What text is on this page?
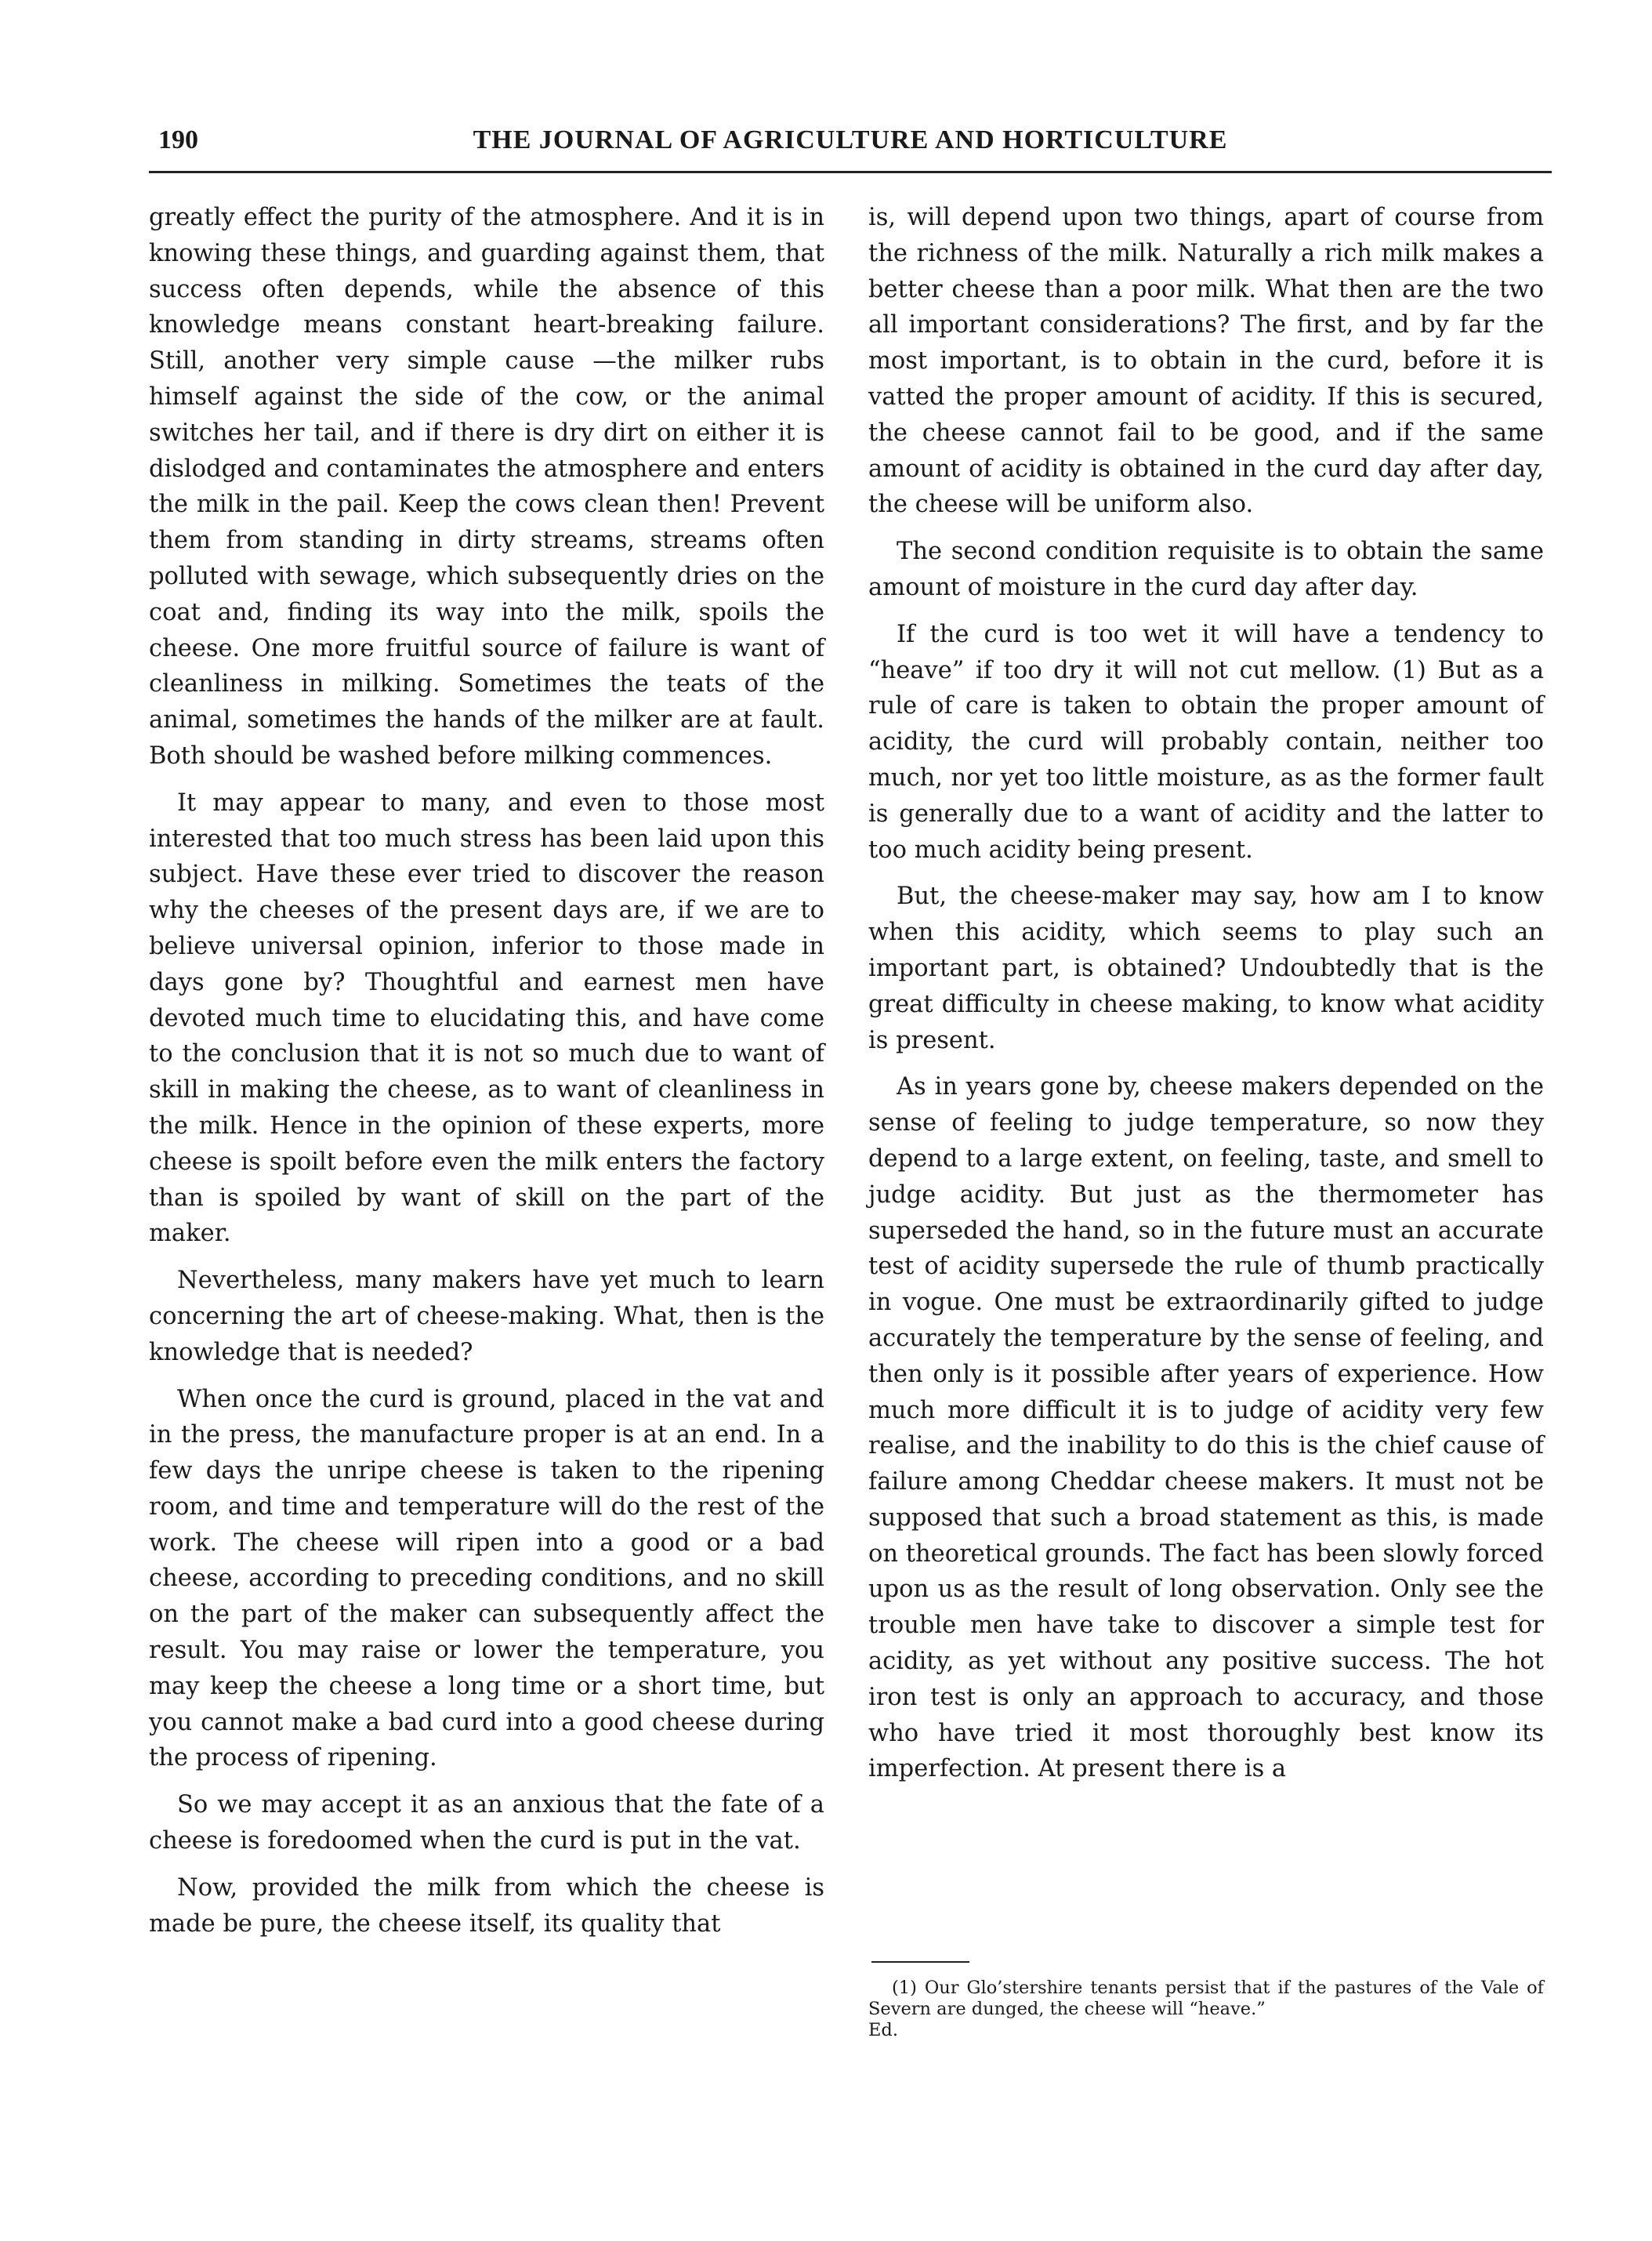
190	THE JOURNAL OF AGRICULTURE AND HORTICULTURE

greatly effect the purity of the atmosphere. And it is in knowing these things, and guarding against them, that success often depends, while the absence of this knowledge means constant heart-breaking failure. Still, another very simple cause —the milker rubs himself against the side of the cow, or the animal switches her tail, and if there is dry dirt on either it is dislodged and contaminates the atmosphere and enters the milk in the pail. Keep the cows clean then! Prevent them from standing in dirty streams, streams often polluted with sewage, which subsequently dries on the coat and, finding its way into the milk, spoils the cheese. One more fruitful source of failure is want of cleanliness in milking. Sometimes the teats of the animal, sometimes the hands of the milker are at fault. Both should be washed before milking commences.

It may appear to many, and even to those most interested that too much stress has been laid upon this subject. Have these ever tried to discover the reason why the cheeses of the present days are, if we are to believe universal opinion, inferior to those made in days gone by? Thoughtful and earnest men have devoted much time to elucidating this, and have come to the conclusion that it is not so much due to want of skill in making the cheese, as to want of cleanliness in the milk. Hence in the opinion of these experts, more cheese is spoilt before even the milk enters the factory than is spoiled by want of skill on the part of the maker.

Nevertheless, many makers have yet much to learn concerning the art of cheese-making. What, then is the knowledge that is needed?

When once the curd is ground, placed in the vat and in the press, the manufacture proper is at an end. In a few days the unripe cheese is taken to the ripening room, and time and temperature will do the rest of the work. The cheese will ripen into a good or a bad cheese, according to preceding conditions, and no skill on the part of the maker can subsequently affect the result. You may raise or lower the temperature, you may keep the cheese a long time or a short time, but you cannot make a bad curd into a good cheese during the process of ripening.

So we may accept it as an anxious that the fate of a cheese is foredoomed when the curd is put in the vat.

Now, provided the milk from which the cheese is made be pure, the cheese itself, its quality that

is, will depend upon two things, apart of course from the richness of the milk. Naturally a rich milk makes a better cheese than a poor milk. What then are the two all important considerations? The first, and by far the most important, is to obtain in the curd, before it is vatted the proper amount of acidity. If this is secured, the cheese cannot fail to be good, and if the same amount of acidity is obtained in the curd day after day, the cheese will be uniform also.

The second condition requisite is to obtain the same amount of moisture in the curd day after day.

If the curd is too wet it will have a tendency to “heave” if too dry it will not cut mellow. (1) But as a rule of care is taken to obtain the proper amount of acidity, the curd will probably contain, neither too much, nor yet too little moisture, as as the former fault is generally due to a want of acidity and the latter to too much acidity being present.

But, the cheese-maker may say, how am I to know when this acidity, which seems to play such an important part, is obtained? Undoubtedly that is the great difficulty in cheese making, to know what acidity is present.

As in years gone by, cheese makers depended on the sense of feeling to judge temperature, so now they depend to a large extent, on feeling, taste, and smell to judge acidity. But just as the thermometer has superseded the hand, so in the future must an accurate test of acidity supersede the rule of thumb practically in vogue. One must be extraordinarily gifted to judge accurately the temperature by the sense of feeling, and then only is it possible after years of experience. How much more difficult it is to judge of acidity very few realise, and the inability to do this is the chief cause of failure among Cheddar cheese makers. It must not be supposed that such a broad statement as this, is made on theoretical grounds. The fact has been slowly forced upon us as the result of long observation. Only see the trouble men have take to discover a simple test for acidity, as yet without any positive success. The hot iron test is only an approach to accuracy, and those who have tried it most thoroughly best know its imperfection. At present there is a

(1) Our Glo’stershire tenants persist that if the pastures of the Vale of Severn are dunged, the cheese will “heave.”
Ed.
